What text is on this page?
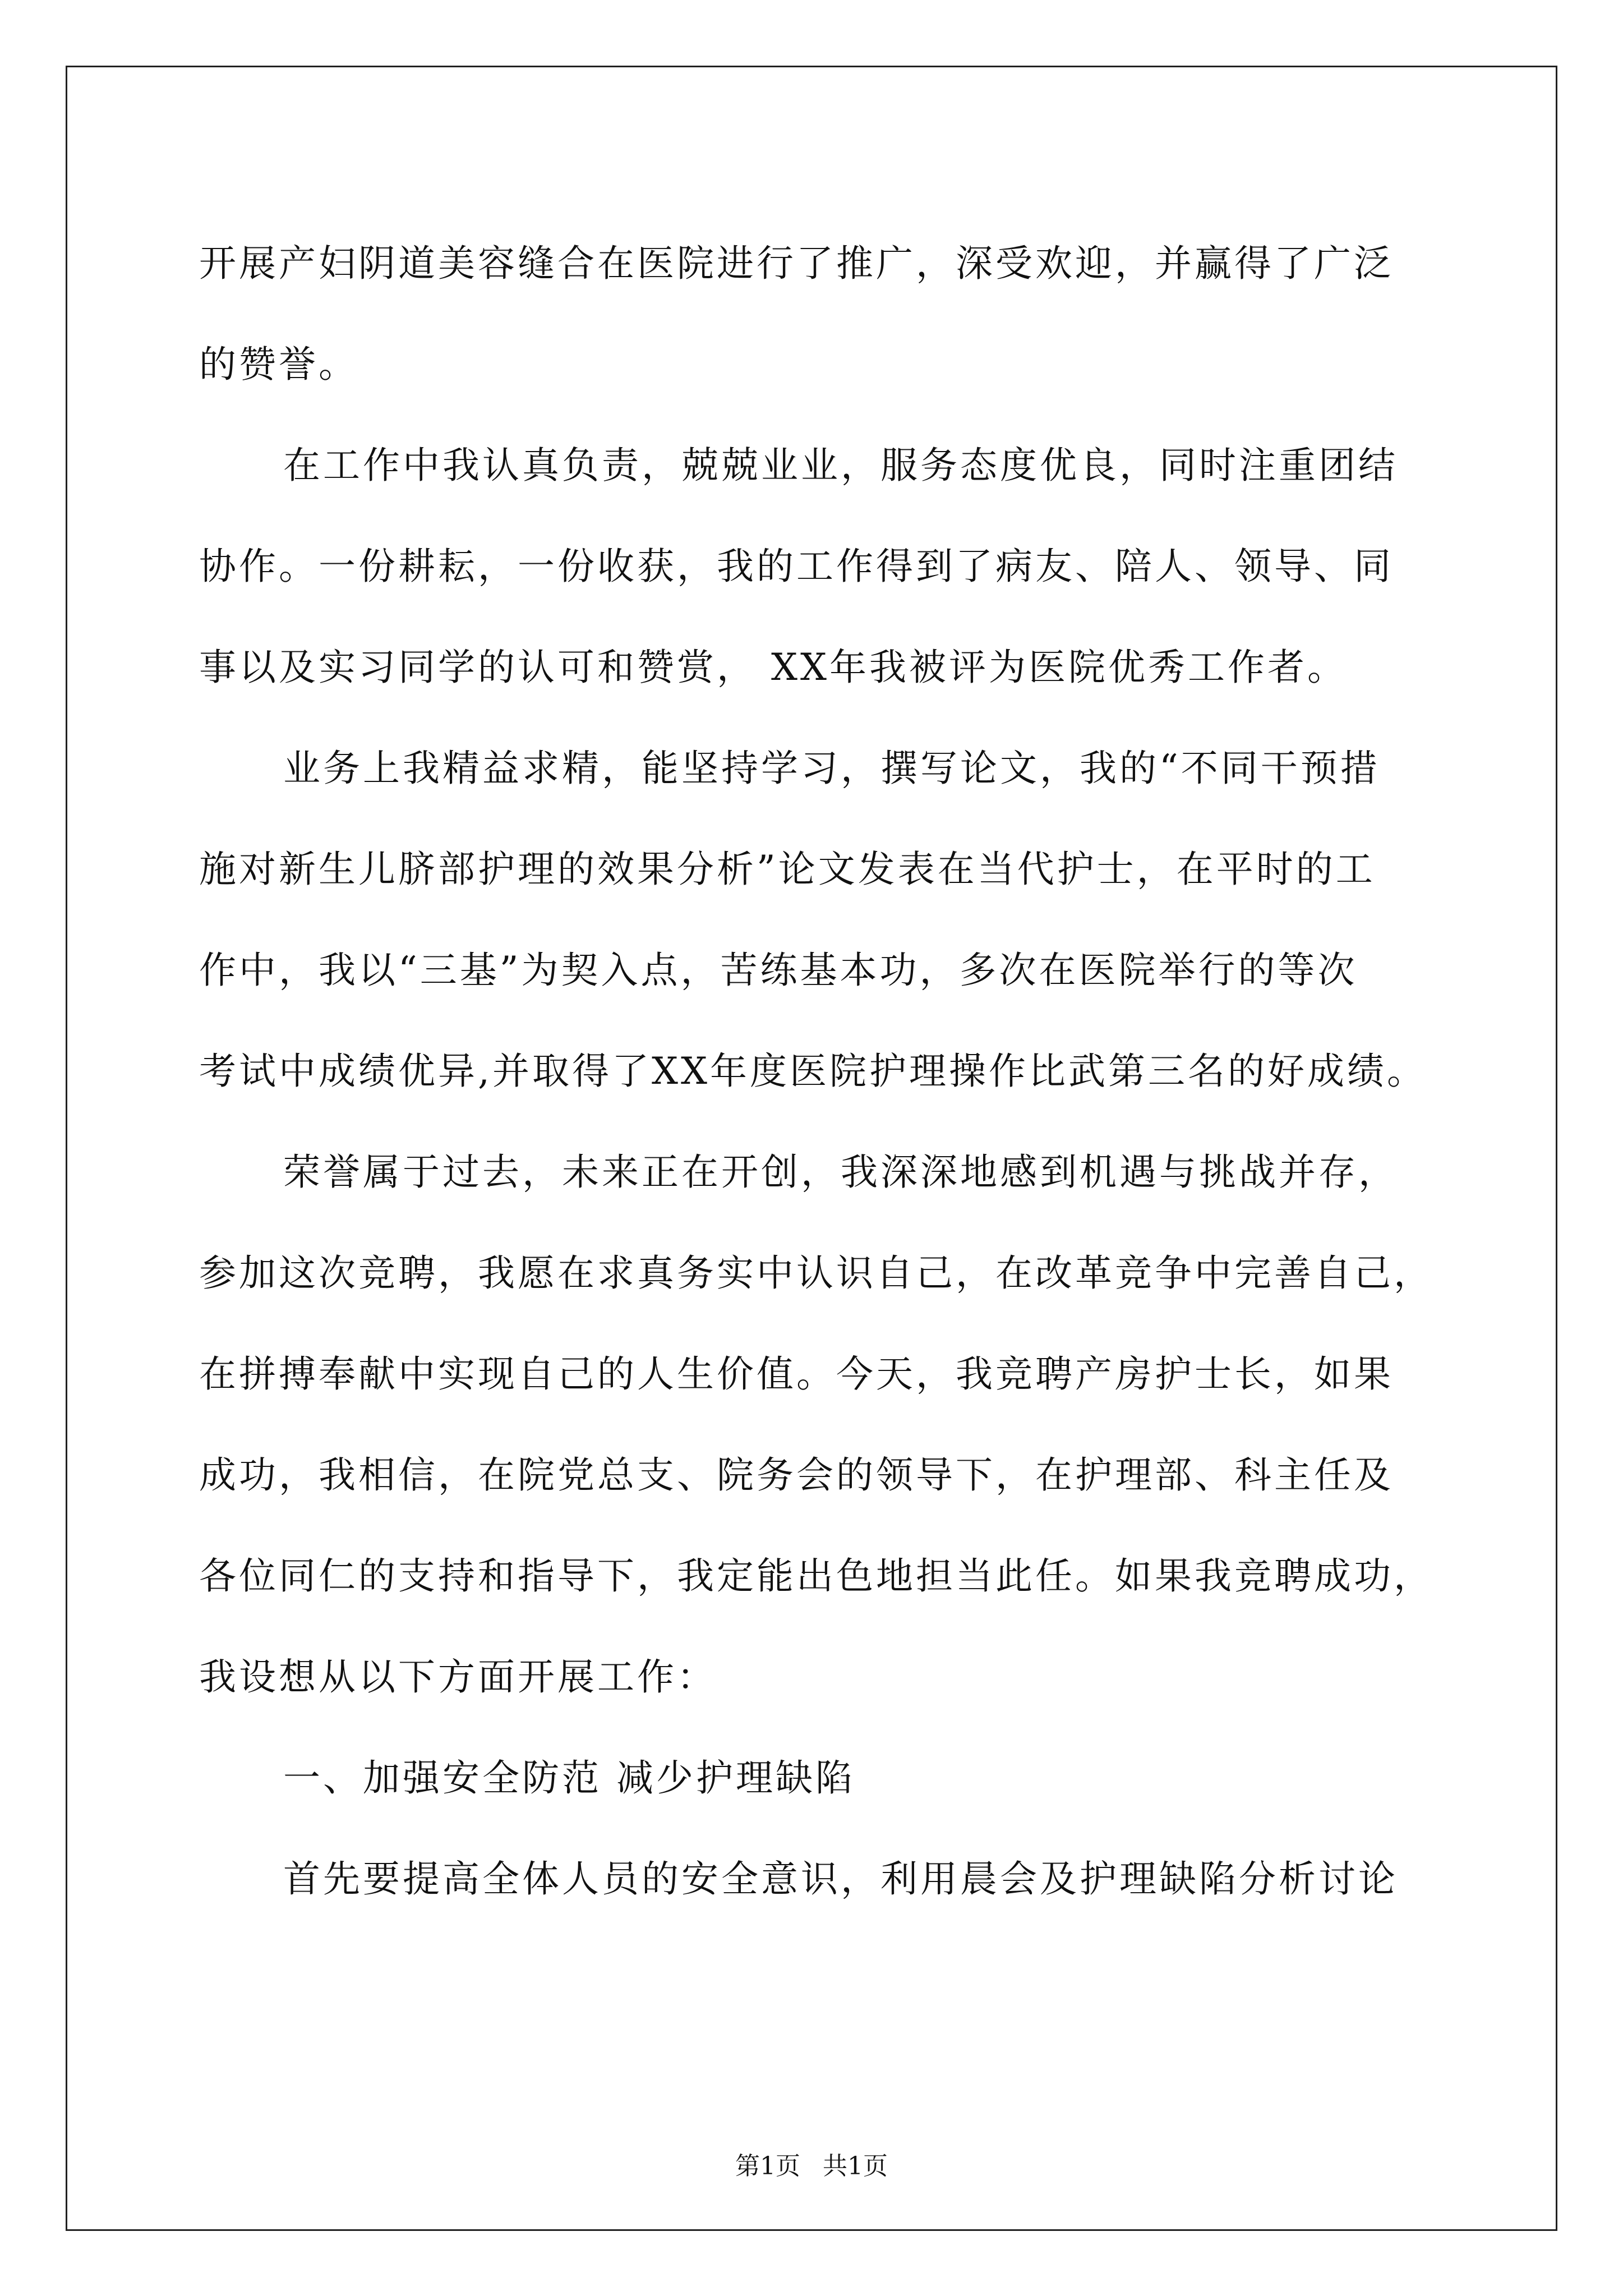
开展产妇阴道美容缝合在医院进行了推广，深受欢迎，并赢得了广泛
的赞誉。
在工作中我认真负责，兢兢业业，服务态度优良，同时注重团结
协作。一份耕耘，一份收获，我的工作得到了病友、陪人、领导、同
事以及实习同学的认可和赞赏， XX年我被评为医院优秀工作者。
业务上我精益求精，能坚持学习，撰写论文，我的“不同干预措
施对新生儿脐部护理的效果分析”论文发表在当代护士，在平时的工
作中，我以“三基”为契入点，苦练基本功，多次在医院举行的等次
考试中成绩优异,并取得了XX年度医院护理操作比武第三名的好成绩。
荣誉属于过去，未来正在开创，我深深地感到机遇与挑战并存，
参加这次竞聘，我愿在求真务实中认识自己，在改革竞争中完善自己，
在拼搏奉献中实现自己的人生价值。今天，我竞聘产房护士长，如果
成功，我相信，在院党总支、院务会的领导下，在护理部、科主任及
各位同仁的支持和指导下，我定能出色地担当此任。如果我竞聘成功，
我设想从以下方面开展工作：
一、加强安全防范 减少护理缺陷
首先要提高全体人员的安全意识，利用晨会及护理缺陷分析讨论
第1页 共1页
